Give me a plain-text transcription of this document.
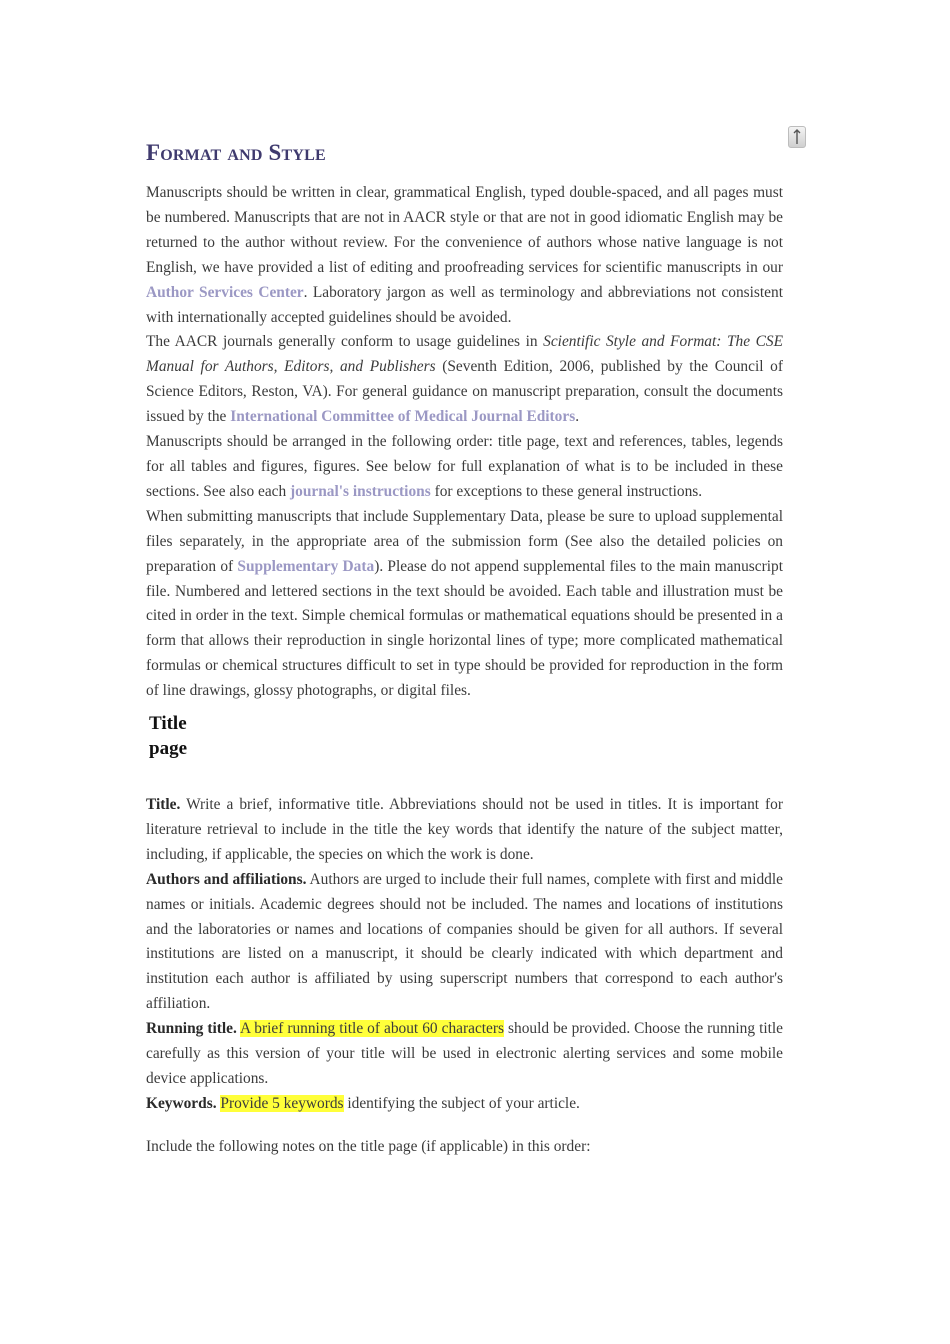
Format and Style

Manuscripts should be written in clear, grammatical English, typed double-spaced, and all pages must be numbered. Manuscripts that are not in AACR style or that are not in good idiomatic English may be returned to the author without review. For the convenience of authors whose native language is not English, we have provided a list of editing and proofreading services for scientific manuscripts in our Author Services Center. Laboratory jargon as well as terminology and abbreviations not consistent with internationally accepted guidelines should be avoided.

The AACR journals generally conform to usage guidelines in Scientific Style and Format: The CSE Manual for Authors, Editors, and Publishers (Seventh Edition, 2006, published by the Council of Science Editors, Reston, VA). For general guidance on manuscript preparation, consult the documents issued by the International Committee of Medical Journal Editors.

Manuscripts should be arranged in the following order: title page, text and references, tables, legends for all tables and figures, figures. See below for full explanation of what is to be included in these sections. See also each journal's instructions for exceptions to these general instructions.

When submitting manuscripts that include Supplementary Data, please be sure to upload supplemental files separately, in the appropriate area of the submission form (See also the detailed policies on preparation of Supplementary Data). Please do not append supplemental files to the main manuscript file. Numbered and lettered sections in the text should be avoided. Each table and illustration must be cited in order in the text. Simple chemical formulas or mathematical equations should be presented in a form that allows their reproduction in single horizontal lines of type; more complicated mathematical formulas or chemical structures difficult to set in type should be provided for reproduction in the form of line drawings, glossy photographs, or digital files.

Title page

Title. Write a brief, informative title. Abbreviations should not be used in titles. It is important for literature retrieval to include in the title the key words that identify the nature of the subject matter, including, if applicable, the species on which the work is done.

Authors and affiliations. Authors are urged to include their full names, complete with first and middle names or initials. Academic degrees should not be included. The names and locations of institutions and the laboratories or names and locations of companies should be given for all authors. If several institutions are listed on a manuscript, it should be clearly indicated with which department and institution each author is affiliated by using superscript numbers that correspond to each author's affiliation.

Running title. A brief running title of about 60 characters should be provided. Choose the running title carefully as this version of your title will be used in electronic alerting services and some mobile device applications.

Keywords. Provide 5 keywords identifying the subject of your article.

Include the following notes on the title page (if applicable) in this order:
